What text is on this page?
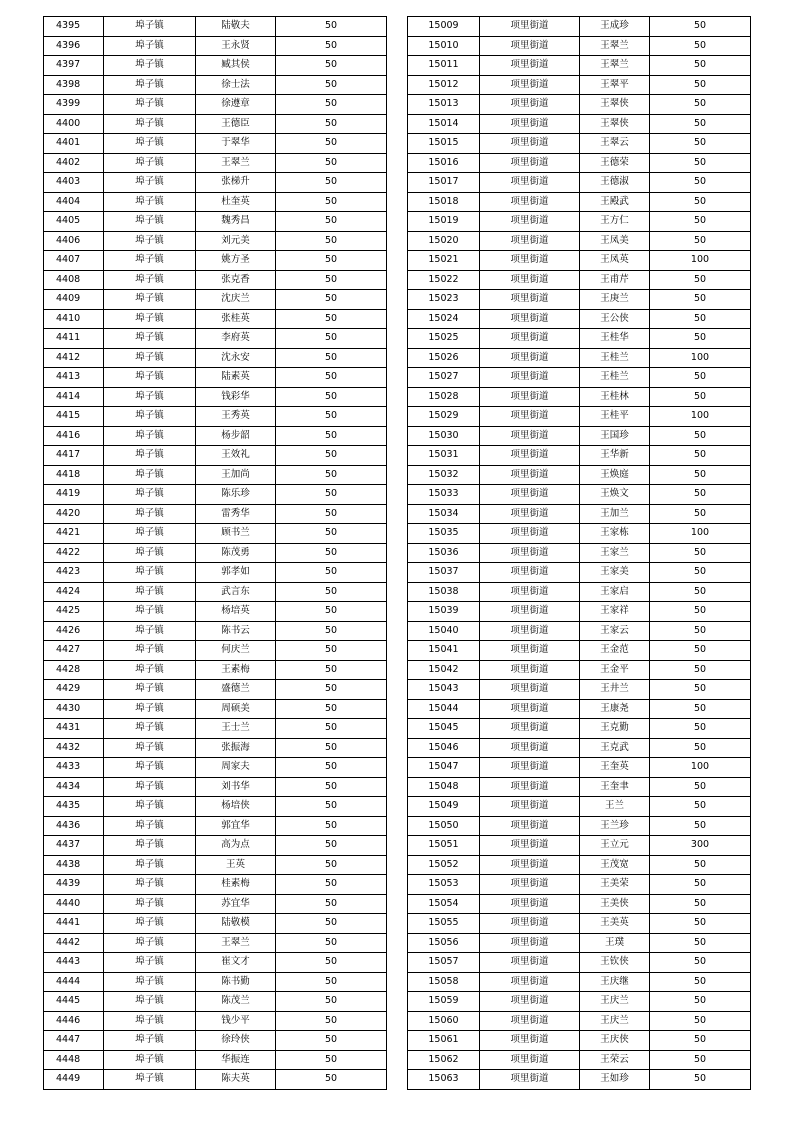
4395	埠子镇	陆敬夫	50
4396	埠子镇	王永贤	50
4397	埠子镇	臧其侯	50
4398	埠子镇	徐士法	50
4399	埠子镇	徐遵章	50
4400	埠子镇	王德臣	50
4401	埠子镇	于翠华	50
4402	埠子镇	王翠兰	50
4403	埠子镇	张梯升	50
4404	埠子镇	杜奎英	50
4405	埠子镇	魏秀昌	50
4406	埠子镇	刘元美	50
4407	埠子镇	姚方圣	50
4408	埠子镇	张克香	50
4409	埠子镇	沈庆兰	50
4410	埠子镇	张桂英	50
4411	埠子镇	李府英	50
4412	埠子镇	沈永安	50
4413	埠子镇	陆素英	50
4414	埠子镇	钱彩华	50
4415	埠子镇	王秀英	50
4416	埠子镇	杨步韶	50
4417	埠子镇	王效礼	50
4418	埠子镇	王加尚	50
4419	埠子镇	陈乐珍	50
4420	埠子镇	雷秀华	50
4421	埠子镇	顾书兰	50
4422	埠子镇	陈茂勇	50
4423	埠子镇	郭孝如	50
4424	埠子镇	武言东	50
4425	埠子镇	杨培英	50
4426	埠子镇	陈书云	50
4427	埠子镇	何庆兰	50
4428	埠子镇	王素梅	50
4429	埠子镇	盛德兰	50
4430	埠子镇	周硕美	50
4431	埠子镇	王士兰	50
4432	埠子镇	张振海	50
4433	埠子镇	周家夫	50
4434	埠子镇	刘书华	50
4435	埠子镇	杨培侠	50
4436	埠子镇	郭宜华	50
4437	埠子镇	高为点	50
4438	埠子镇	王英	50
4439	埠子镇	桂素梅	50
4440	埠子镇	苏宜华	50
4441	埠子镇	陆敬模	50
4442	埠子镇	王翠兰	50
4443	埠子镇	崔文才	50
4444	埠子镇	陈书勤	50
4445	埠子镇	陈茂兰	50
4446	埠子镇	钱少平	50
4447	埠子镇	徐玲侠	50
4448	埠子镇	华振连	50
4449	埠子镇	陈夫英	50
15009	项里街道	王成珍	50
15010	项里街道	王翠兰	50
15011	项里街道	王翠兰	50
15012	项里街道	王翠平	50
15013	项里街道	王翠侠	50
15014	项里街道	王翠侠	50
15015	项里街道	王翠云	50
15016	项里街道	王德荣	50
15017	项里街道	王德淑	50
15018	项里街道	王殿武	50
15019	项里街道	王方仁	50
15020	项里街道	王凤美	50
15021	项里街道	王凤英	100
15022	项里街道	王甫芹	50
15023	项里街道	王庚兰	50
15024	项里街道	王公侠	50
15025	项里街道	王桂华	50
15026	项里街道	王桂兰	100
15027	项里街道	王桂兰	50
15028	项里街道	王桂林	50
15029	项里街道	王桂平	100
15030	项里街道	王国珍	50
15031	项里街道	王华新	50
15032	项里街道	王焕庭	50
15033	项里街道	王焕文	50
15034	项里街道	王加兰	50
15035	项里街道	王家栋	100
15036	项里街道	王家兰	50
15037	项里街道	王家美	50
15038	项里街道	王家启	50
15039	项里街道	王家祥	50
15040	项里街道	王家云	50
15041	项里街道	王金范	50
15042	项里街道	王金平	50
15043	项里街道	王井兰	50
15044	项里街道	王康尧	50
15045	项里街道	王克勤	50
15046	项里街道	王克武	50
15047	项里街道	王奎英	100
15048	项里街道	王奎聿	50
15049	项里街道	王兰	50
15050	项里街道	王兰珍	50
15051	项里街道	王立元	300
15052	项里街道	王茂宽	50
15053	项里街道	王美荣	50
15054	项里街道	王美侠	50
15055	项里街道	王美英	50
15056	项里街道	王璞	50
15057	项里街道	王钦侠	50
15058	项里街道	王庆继	50
15059	项里街道	王庆兰	50
15060	项里街道	王庆兰	50
15061	项里街道	王庆侠	50
15062	项里街道	王荣云	50
15063	项里街道	王如珍	50
